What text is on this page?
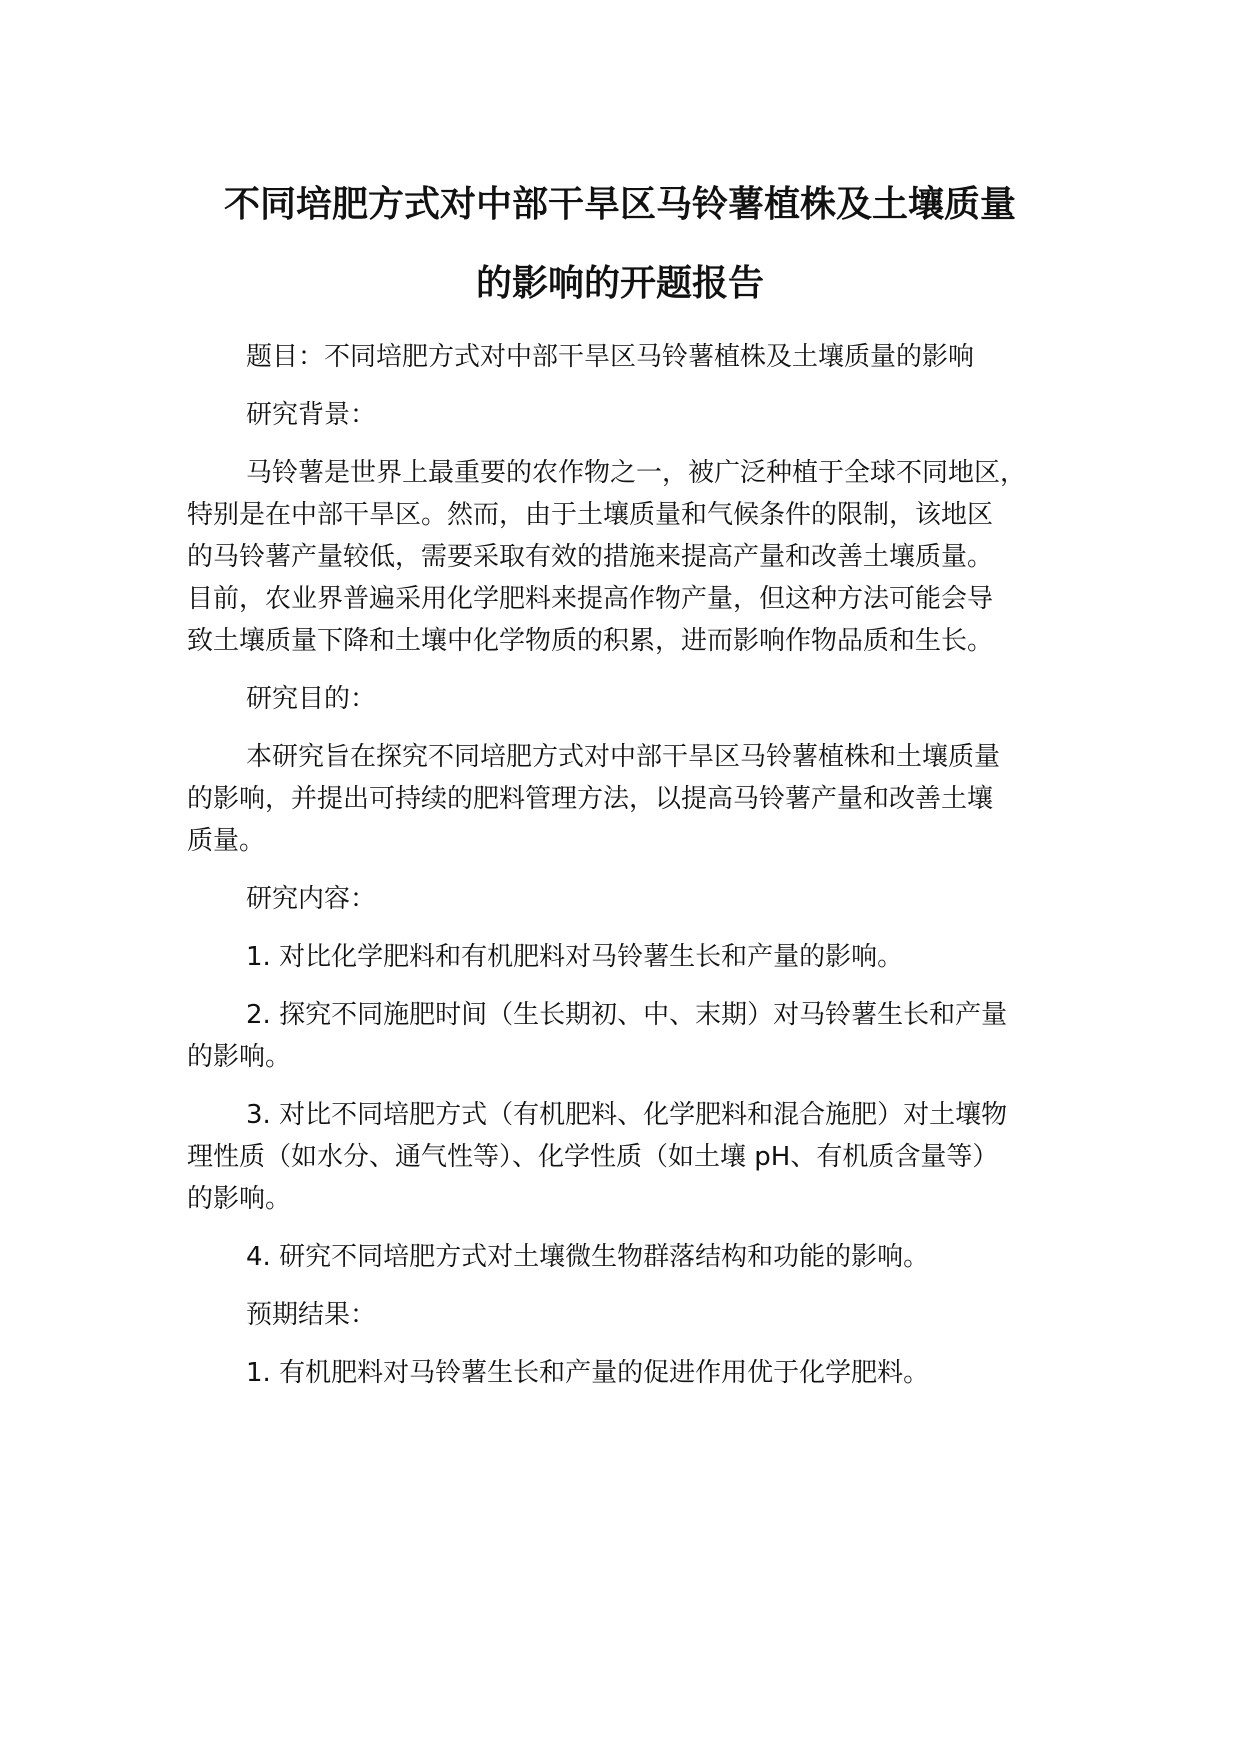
不同培肥方式对中部干旱区马铃薯植株及土壤质量
的影响的开题报告
题目：不同培肥方式对中部干旱区马铃薯植株及土壤质量的影响
研究背景：
马铃薯是世界上最重要的农作物之一，被广泛种植于全球不同地区，
特别是在中部干旱区。然而，由于土壤质量和气候条件的限制，该地区
的马铃薯产量较低，需要采取有效的措施来提高产量和改善土壤质量。
目前，农业界普遍采用化学肥料来提高作物产量，但这种方法可能会导
致土壤质量下降和土壤中化学物质的积累，进而影响作物品质和生长。
研究目的：
本研究旨在探究不同培肥方式对中部干旱区马铃薯植株和土壤质量
的影响，并提出可持续的肥料管理方法，以提高马铃薯产量和改善土壤
质量。
研究内容：
1. 对比化学肥料和有机肥料对马铃薯生长和产量的影响。
2. 探究不同施肥时间（生长期初、中、末期）对马铃薯生长和产量
的影响。
3. 对比不同培肥方式（有机肥料、化学肥料和混合施肥）对土壤物
理性质（如水分、通气性等）、化学性质（如土壤 pH、有机质含量等）
的影响。
4. 研究不同培肥方式对土壤微生物群落结构和功能的影响。
预期结果：
1. 有机肥料对马铃薯生长和产量的促进作用优于化学肥料。
